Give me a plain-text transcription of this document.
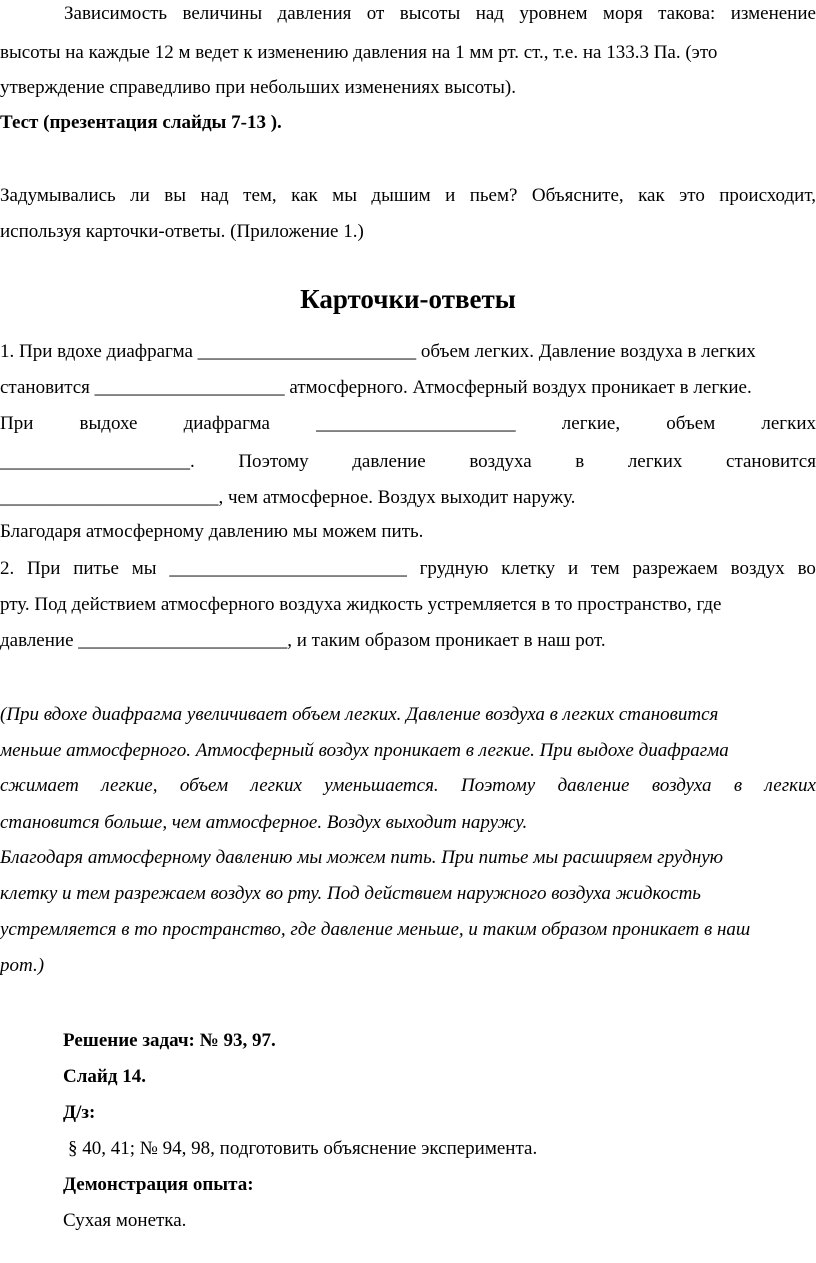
Зависимость величины давления от высоты над уровнем моря такова: изменение
высоты на каждые 12 м ведет к изменению давления на 1 мм рт. ст., т.е. на 133.3 Па. (это
утверждение справедливо при небольших изменениях высоты).
Тест (презентация слайды 7-13 ).
Задумывались ли вы над тем, как мы дышим и пьем? Объясните, как это происходит,
используя карточки-ответы. (Приложение 1.)
Карточки-ответы
1. При вдохе диафрагма _______________________ объем легких. Давление воздуха в легких
становится ____________________ атмосферного. Атмосферный воздух проникает в легкие.
При выдохе диафрагма _____________________ легкие, объем легких
____________________. Поэтому давление воздуха в легких становится
_______________________, чем атмосферное. Воздух выходит наружу.
Благодаря атмосферному давлению мы можем пить.
2. При питье мы _________________________ грудную клетку и тем разрежаем воздух во
рту. Под действием атмосферного воздуха жидкость устремляется в то пространство, где
давление ______________________, и таким образом проникает в наш рот.
(При вдохе диафрагма увеличивает объем легких. Давление воздуха в легких становится
меньше атмосферного. Атмосферный воздух проникает в легкие. При выдохе диафрагма
сжимает легкие, объем легких уменьшается. Поэтому давление воздуха в легких
становится больше, чем атмосферное. Воздух выходит наружу.
Благодаря атмосферному давлению мы можем пить. При питье мы расширяем грудную
клетку и тем разрежаем воздух во рту. Под действием наружного воздуха жидкость
устремляется в то пространство, где давление меньше, и таким образом проникает в наш
рот.)
Решение задач: № 93, 97.
Слайд 14.
Д/з:
§ 40, 41; № 94, 98, подготовить объяснение эксперимента.
Демонстрация опыта:
Сухая монетка.
